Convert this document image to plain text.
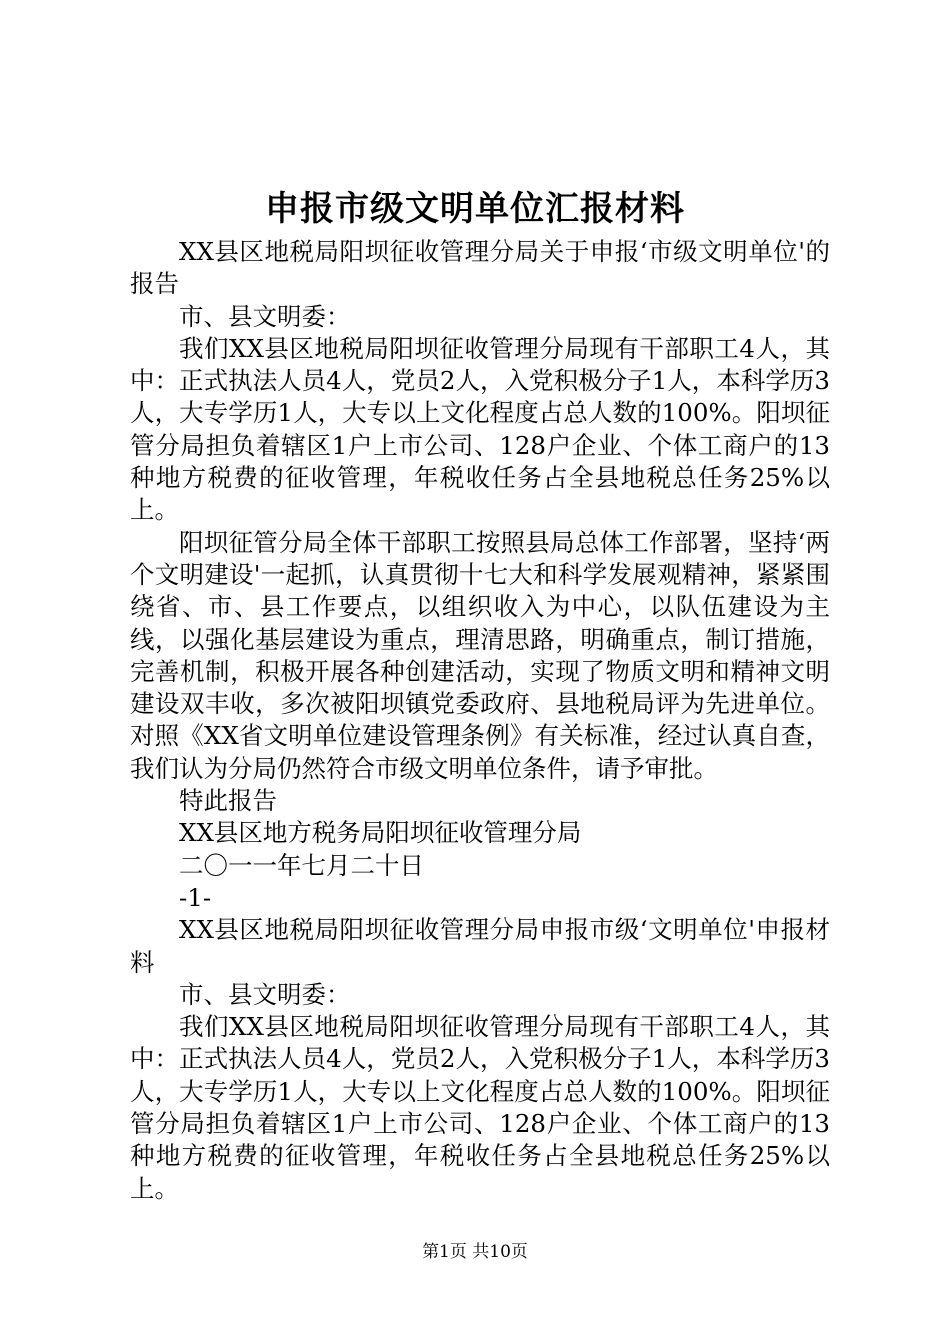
申报市级文明单位汇报材料

XX县区地税局阳坝征收管理分局关于申报‘市级文明单位'的报告

市、县文明委：

我们XX县区地税局阳坝征收管理分局现有干部职工4人，其中：正式执法人员4人，党员2人，入党积极分子1人，本科学历3人，大专学历1人，大专以上文化程度占总人数的100%。阳坝征管分局担负着辖区1户上市公司、128户企业、个体工商户的13种地方税费的征收管理，年税收任务占全县地税总任务25%以上。

阳坝征管分局全体干部职工按照县局总体工作部署，坚持‘两个文明建设'一起抓，认真贯彻十七大和科学发展观精神，紧紧围绕省、市、县工作要点，以组织收入为中心，以队伍建设为主线，以强化基层建设为重点，理清思路，明确重点，制订措施，完善机制，积极开展各种创建活动，实现了物质文明和精神文明建设双丰收，多次被阳坝镇党委政府、县地税局评为先进单位。对照《XX省文明单位建设管理条例》有关标准，经过认真自查，我们认为分局仍然符合市级文明单位条件，请予审批。

特此报告

XX县区地方税务局阳坝征收管理分局

二〇一一年七月二十日

-1-

XX县区地税局阳坝征收管理分局申报市级‘文明单位'申报材料

市、县文明委：

我们XX县区地税局阳坝征收管理分局现有干部职工4人，其中：正式执法人员4人，党员2人，入党积极分子1人，本科学历3人，大专学历1人，大专以上文化程度占总人数的100%。阳坝征管分局担负着辖区1户上市公司、128户企业、个体工商户的13种地方税费的征收管理，年税收任务占全县地税总任务25%以上。

第1页 共10页
